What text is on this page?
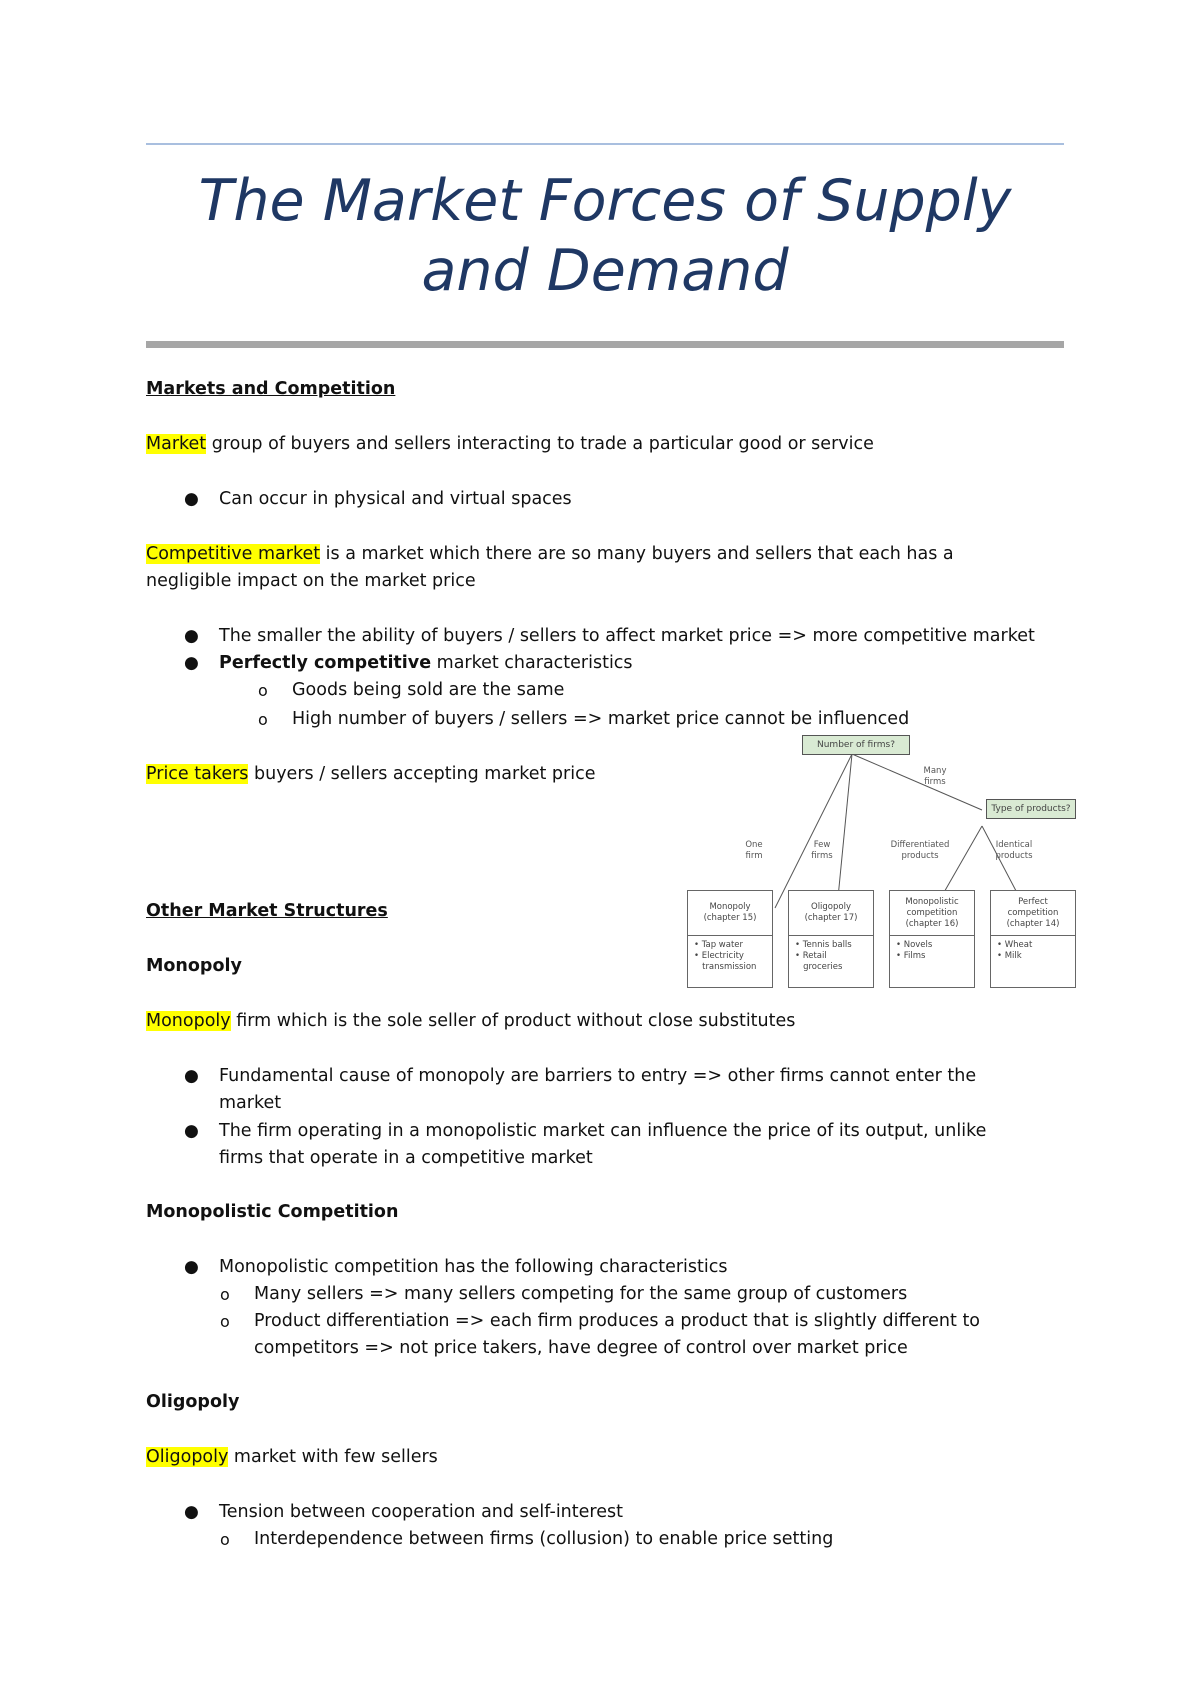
The Market Forces of Supply
and Demand

Markets and Competition

Market group of buyers and sellers interacting to trade a particular good or service

● Can occur in physical and virtual spaces

Competitive market is a market which there are so many buyers and sellers that each has a
negligible impact on the market price

● The smaller the ability of buyers / sellers to affect market price => more competitive market

● Perfectly competitive market characteristics

o Goods being sold are the same

o High number of buyers / sellers => market price cannot be influenced

Price takers buyers / sellers accepting market price

Other Market Structures

Monopoly

Monopoly firm which is the sole seller of product without close substitutes

● Fundamental cause of monopoly are barriers to entry => other firms cannot enter the
market

● The firm operating in a monopolistic market can influence the price of its output, unlike
firms that operate in a competitive market

Monopolistic Competition

● Monopolistic competition has the following characteristics

o Many sellers => many sellers competing for the same group of customers

o Product differentiation => each firm produces a product that is slightly different to
competitors => not price takers, have degree of control over market price

Oligopoly

Oligopoly market with few sellers

● Tension between cooperation and self-interest

o Interdependence between firms (collusion) to enable price setting

Number of firms?
Many
firms
Type of products?
One
firm
Few
firms
Differentiated
products
Identical
products
Monopoly
(chapter 15)
• Tap water
• Electricity
transmission
Oligopoly
(chapter 17)
• Tennis balls
• Retail
groceries
Monopolistic
competition
(chapter 16)
• Novels
• Films
Perfect
competition
(chapter 14)
• Wheat
• Milk
